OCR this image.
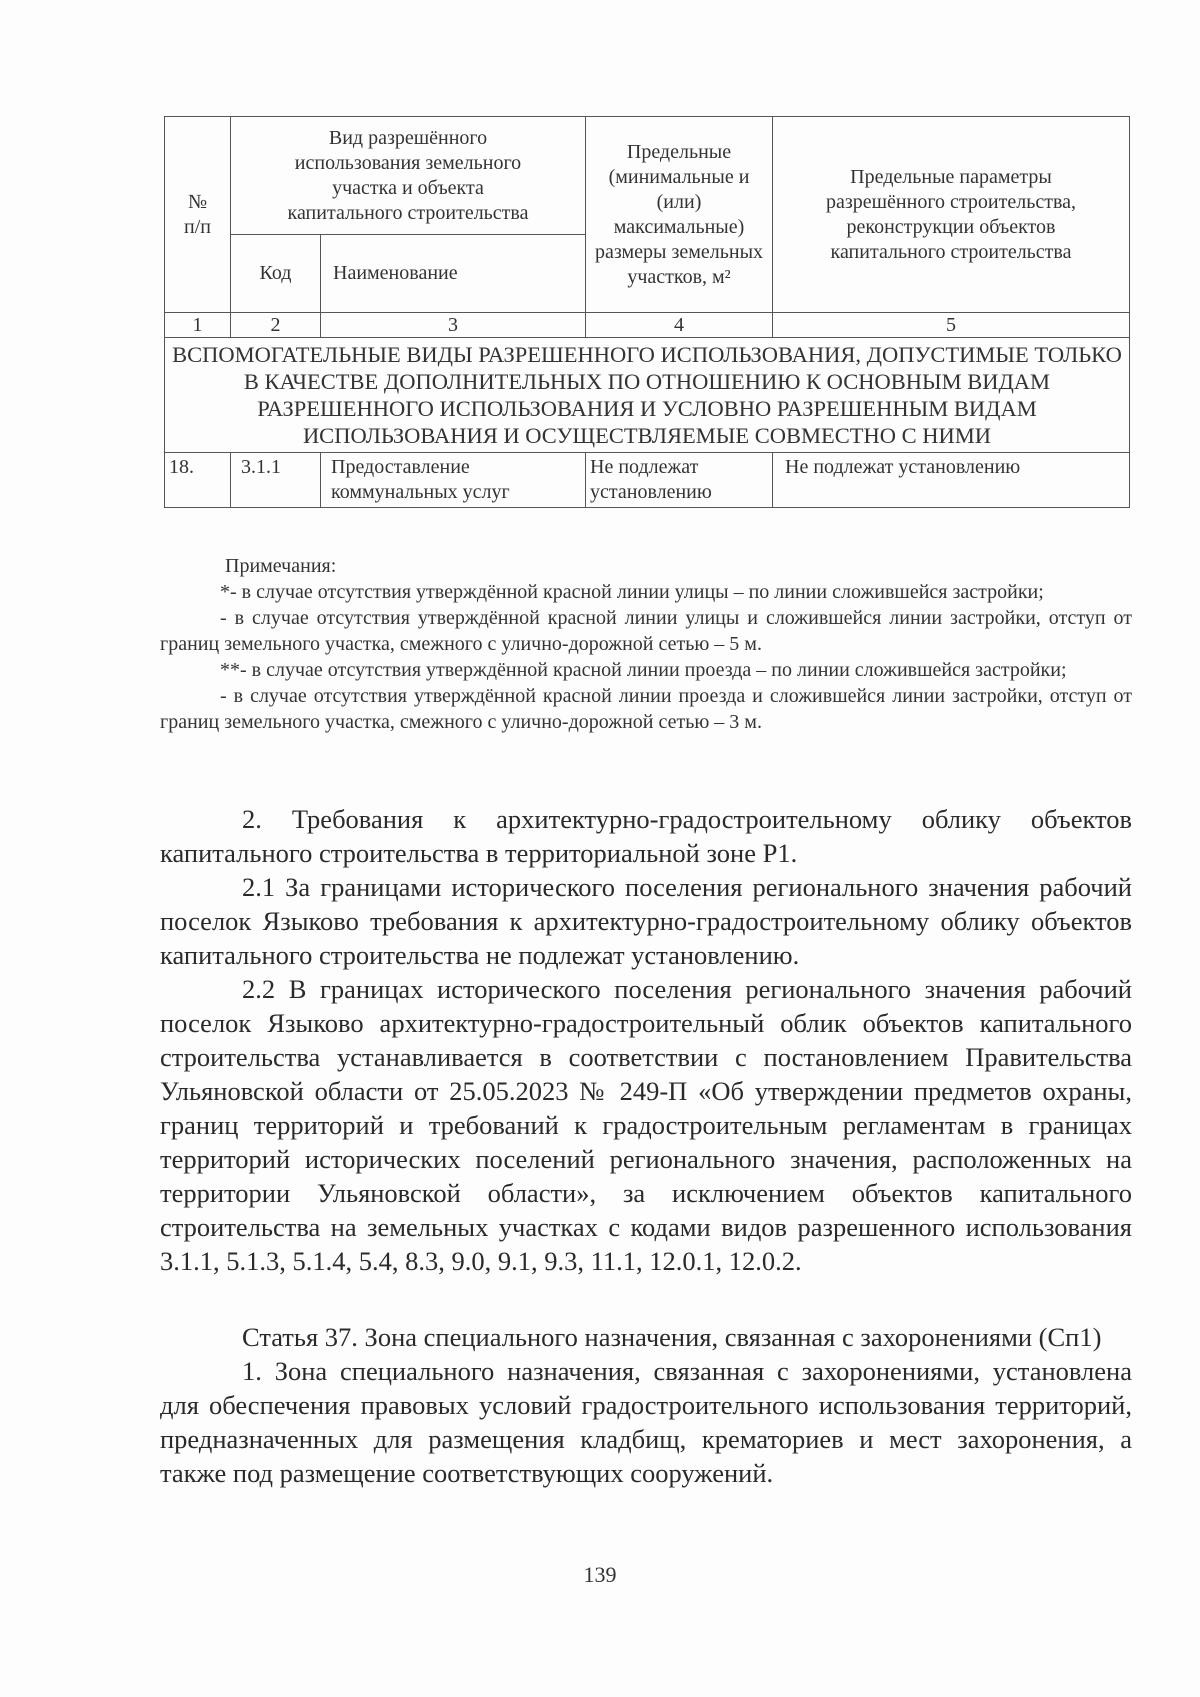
№ п/п	Вид разрешённого использования земельного участка и объекта капитального строительства		Предельные (минимальные и (или) максимальные) размеры земельных участков, м²	Предельные параметры разрешённого строительства, реконструкции объектов капитального строительства
	Код	Наименование		
1	2	3	4	5
ВСПОМОГАТЕЛЬНЫЕ ВИДЫ РАЗРЕШЕННОГО ИСПОЛЬЗОВАНИЯ, ДОПУСТИМЫЕ ТОЛЬКО В КАЧЕСТВЕ ДОПОЛНИТЕЛЬНЫХ ПО ОТНОШЕНИЮ К ОСНОВНЫМ ВИДАМ РАЗРЕШЕННОГО ИСПОЛЬЗОВАНИЯ И УСЛОВНО РАЗРЕШЕННЫМ ВИДАМ ИСПОЛЬЗОВАНИЯ И ОСУЩЕСТВЛЯЕМЫЕ СОВМЕСТНО С НИМИ				
18.	3.1.1	Предоставление коммунальных услуг	Не подлежат установлению	Не подлежат установлению

Примечания:

*- в случае отсутствия утверждённой красной линии улицы – по линии сложившейся застройки;

- в случае отсутствия утверждённой красной линии улицы и сложившейся линии застройки, отступ от границ земельного участка, смежного с улично-дорожной сетью – 5 м.

**- в случае отсутствия утверждённой красной линии проезда – по линии сложившейся застройки;

- в случае отсутствия утверждённой красной линии проезда и сложившейся линии застройки, отступ от границ земельного участка, смежного с улично-дорожной сетью – 3 м.

2. Требования к архитектурно-градостроительному облику объектов капитального строительства в территориальной зоне Р1.

2.1 За границами исторического поселения регионального значения рабочий поселок Языково требования к архитектурно-градостроительному облику объектов капитального строительства не подлежат установлению.

2.2 В границах исторического поселения регионального значения рабочий поселок Языково архитектурно-градостроительный облик объектов капитального строительства устанавливается в соответствии с постановлением Правительства Ульяновской области от 25.05.2023 № 249-П «Об утверждении предметов охраны, границ территорий и требований к градостроительным регламентам в границах территорий исторических поселений регионального значения, расположенных на территории Ульяновской области», за исключением объектов капитального строительства на земельных участках с кодами видов разрешенного использования 3.1.1, 5.1.3, 5.1.4, 5.4, 8.3, 9.0, 9.1, 9.3, 11.1, 12.0.1, 12.0.2.

Статья 37. Зона специального назначения, связанная с захоронениями (Сп1)

1. Зона специального назначения, связанная с захоронениями, установлена для обеспечения правовых условий градостроительного использования территорий, предназначенных для размещения кладбищ, крематориев и мест захоронения, а также под размещение соответствующих сооружений.

139
